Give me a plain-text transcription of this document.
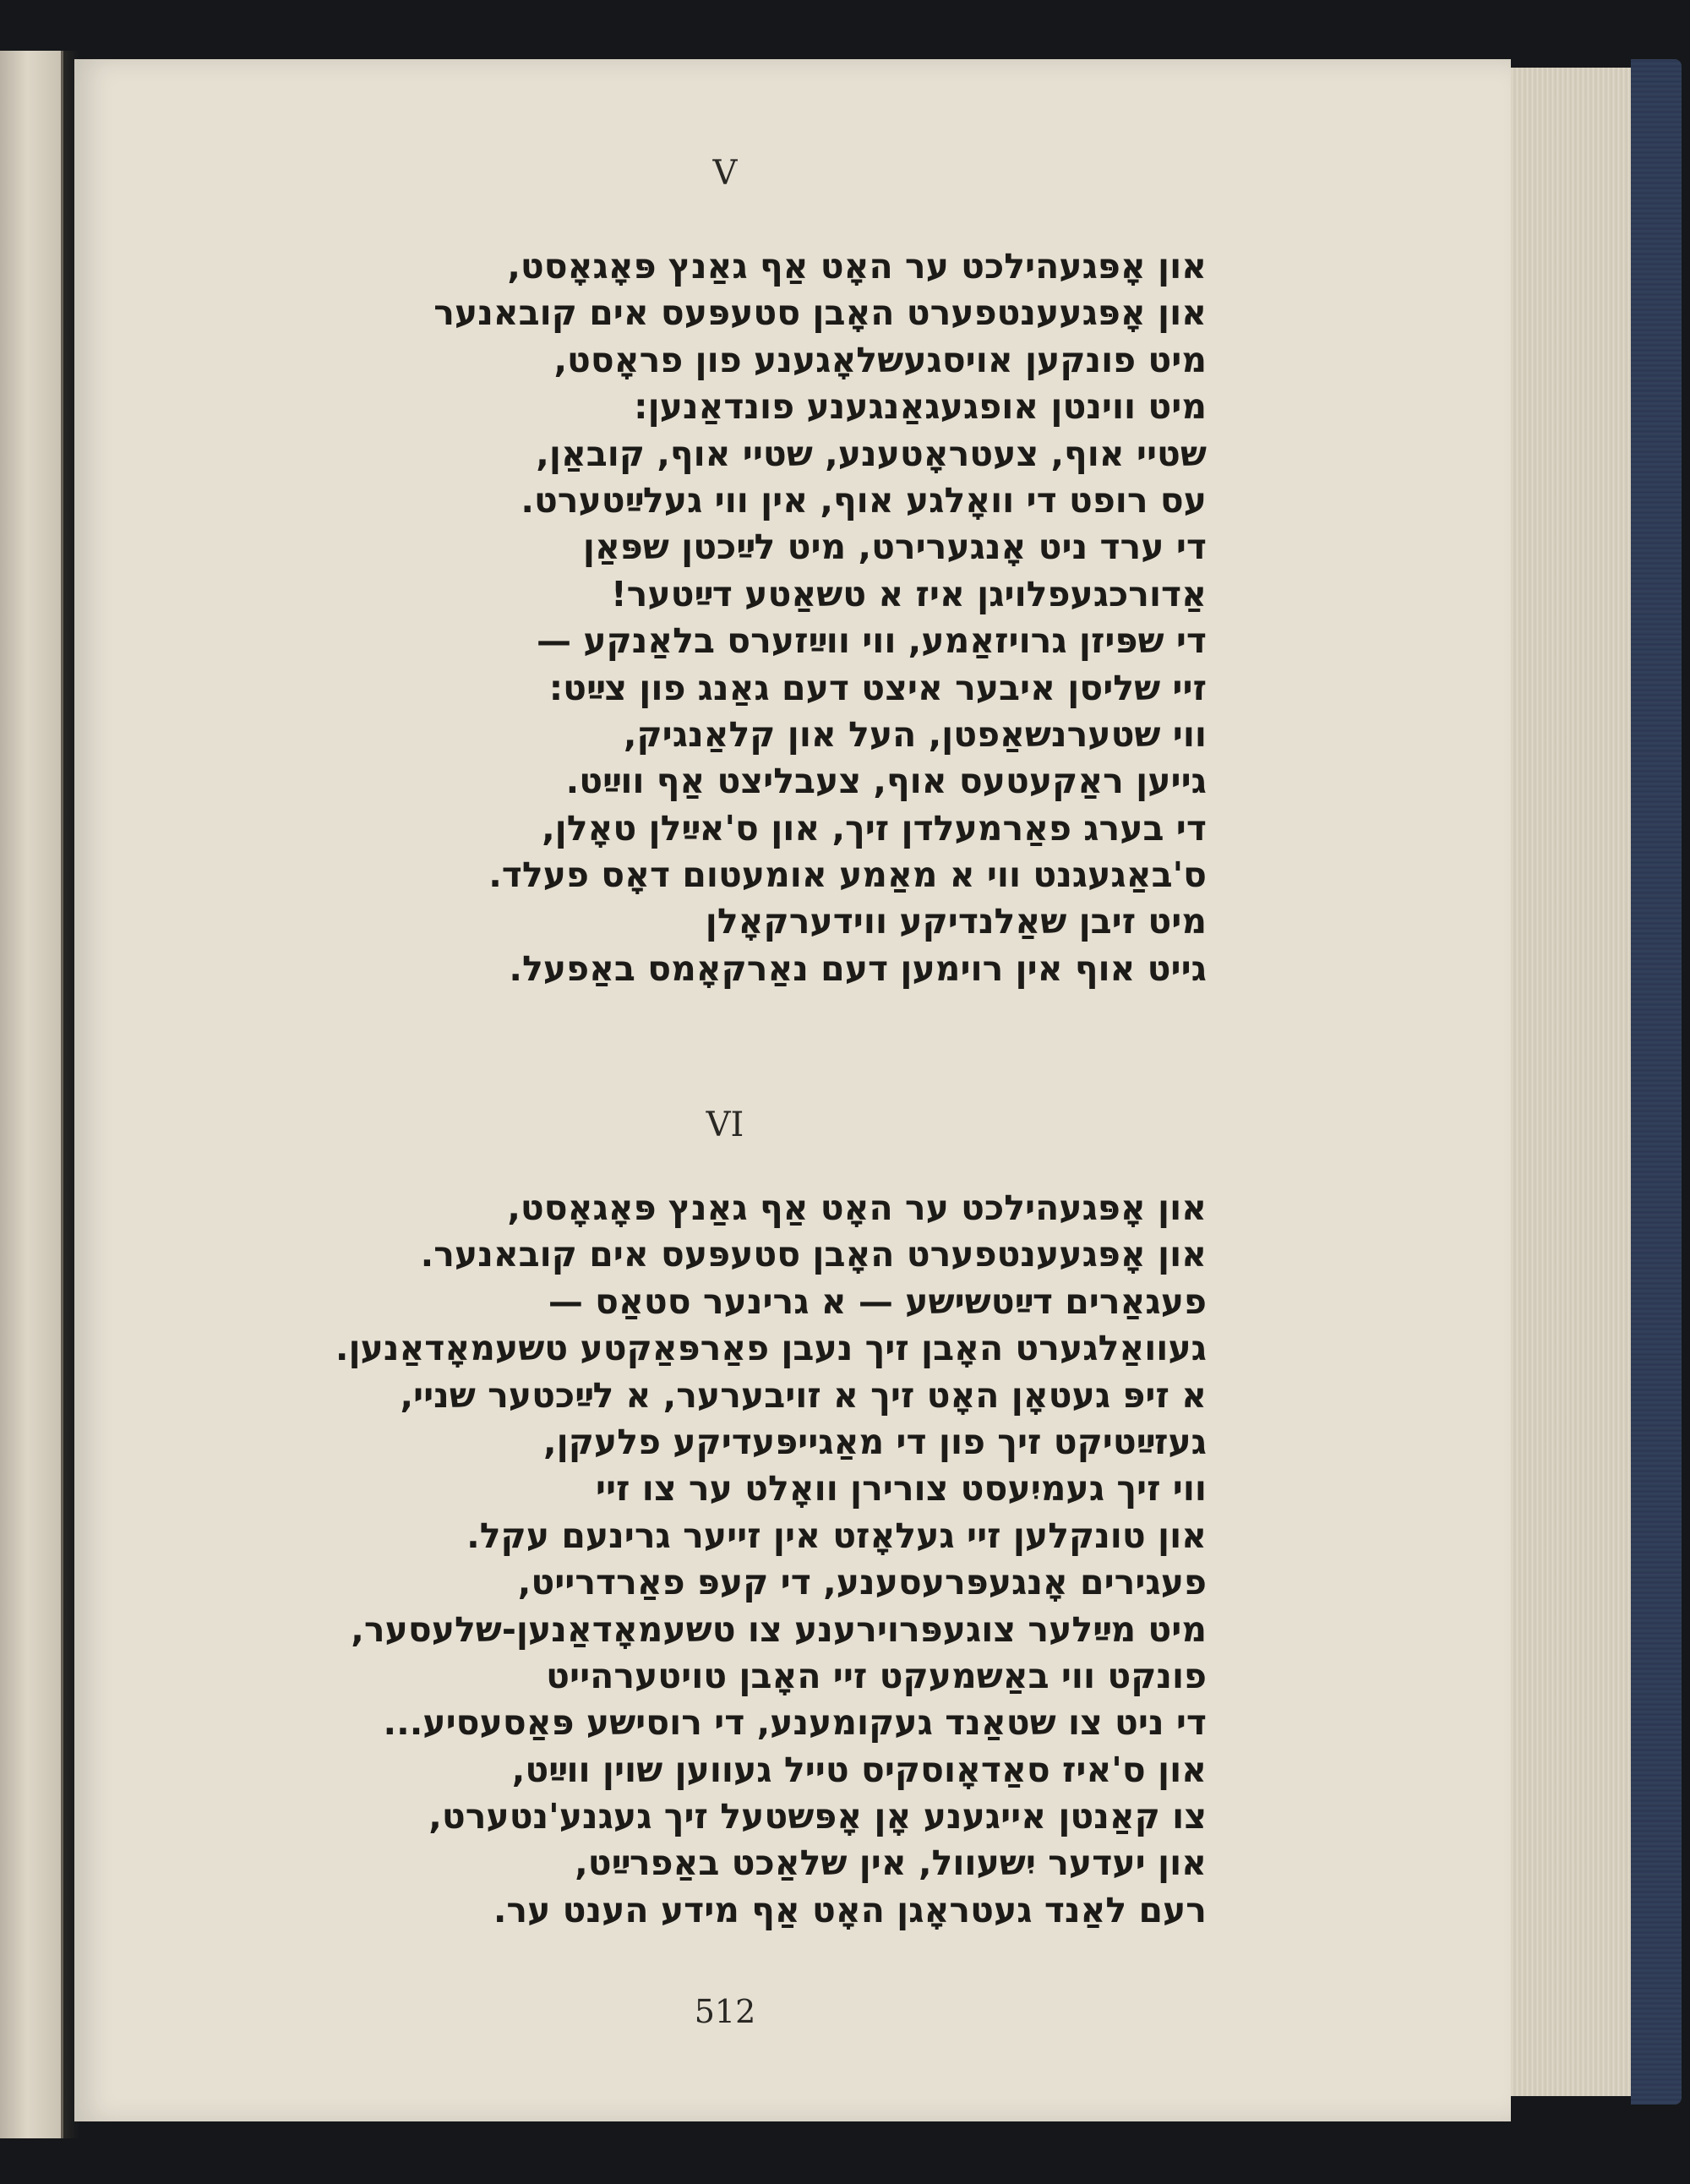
V
און אָפּגעהילכט ער האָט אַף גאַנץ פּאָגאָסט,
און אָפּגעענטפערט האָבן סטעפּעס אים קובאנער
מיט פונקען אויסגעשלאָגענע פון פראָסט,
מיט ווינטן אופגעגאַנגענע פונדאַנען:
שטיי אוף, צעטראָטענע, שטיי אוף, קובאַן,
עס רופט די וואָלגע אוף, אין ווי געלײַטערט.
די ערד ניט אָנגערירט, מיט לײַכטן שפּאַן
אַדורכגעפלויגן איז א טשאַטע דײַטער!
די שפּיזן גרויזאַמע, ווי ווײַזערס בלאַנקע —
זיי שליסן איבער איצט דעם גאַנג פון צײַט:
ווי שטערנשאַפטן, העל און קלאַנגיק,
גייען ראַקעטעס אוף, צעבליצט אַף ווײַט.
די בערג פאַרמעלדן זיך, און ס'אײַלן טאָלן,
ס'באַגעגנט ווי א מאַמע אומעטום דאָס פעלד.
מיט זיבן שאַלנדיקע ווידערקאָלן
גייט אוף אין רוימען דעם נאַרקאָמס באַפעל.
VI
און אָפּגעהילכט ער האָט אַף גאַנץ פּאָגאָסט,
און אָפּגעענטפערט האָבן סטעפּעס אים קובאנער.
פעגאַרים דײַטשישע — א גרינער סטאַס —
געוואַלגערט האָבן זיך נעבן פאַרפּאַקטע טשעמאָדאַנען.
א זיפּ געטאָן האָט זיך א זויבערער, א לײַכטער שניי,
געזײַטיקט זיך פון די מאַגייפּעדיקע פלעקן,
ווי זיך געמיִעסט צורירן וואָלט ער צו זיי
און טונקלען זיי געלאָזט אין זייער גרינעם עקל.
פעגירים אָנגעפּרעסענע, די קעפּ פאַרדרייט,
מיט מײַלער צוגעפּרוירענע צו טשעמאָדאַנען-שלעסער,
פונקט ווי באַשמעקט זיי האָבן טויטערהייט
די ניט צו שטאַנד געקומענע, די רוסישע פּאַסעסיע...
און ס'איז סאַדאָוסקיס טייל געווען שוין ווײַט,
צו קאַנטן אייגענע אָן אָפּשטעל זיך געגנע'נטערט,
און יעדער יִשעוול, אין שלאַכט באַפרײַט,
רעם לאַנד געטראָגן האָט אַף מידע הענט ער.
512
